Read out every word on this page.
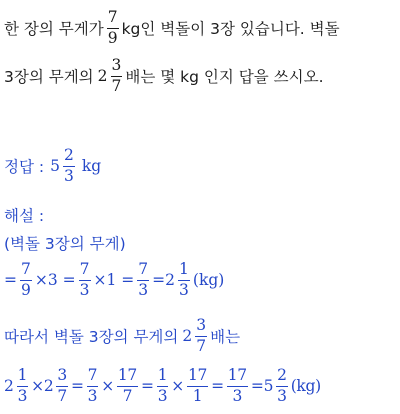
한 장의 무게가 $\frac{7}{9}$ kg인 벽돌이 3장 있습니다. 벽돌
3장의 무게의 $2 \frac{3}{7}$ 배는 몇 kg 인지 답을 쓰시오.
정답 : $5 \frac{2}{3}$ kg
해설 :
(벽돌 3장의 무게)
= $\frac{7}{9} \times 3 = \frac{7}{3} \times 1 = \frac{7}{3} = 2 \frac{1}{3} (kg)$
따라서 벽돌 3장의 무게의 $2 \frac{3}{7}$ 배는
$2 \frac{1}{3} \times 2 \frac{3}{7} = \frac{7}{3} \times \frac{17}{7} = \frac{1}{3} \times \frac{17}{1} = \frac{17}{3} = 5 \frac{2}{3} (kg)$
